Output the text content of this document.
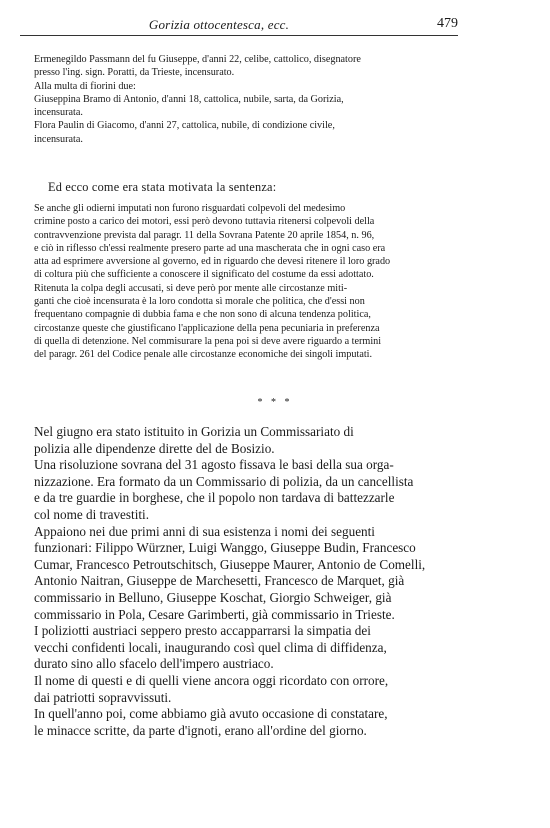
Gorizia ottocentesca, ecc.	479

Ermenegildo Passmann del fu Giuseppe, d'anni 22, celibe, cattolico, disegnatore
presso l'ing. sign. Poratti, da Trieste, incensurato.

Alla multa di fiorini due:

Giuseppina Bramo di Antonio, d'anni 18, cattolica, nubile, sarta, da Gorizia,
incensurata.

Flora Paulin di Giacomo, d'anni 27, cattolica, nubile, di condizione civile,
incensurata.

Ed ecco come era stata motivata la sentenza:

Se anche gli odierni imputati non furono risguardati colpevoli del medesimo
crimine posto a carico dei motori, essi però devono tuttavia ritenersi colpevoli della
contravvenzione prevista dal paragr. 11 della Sovrana Patente 20 aprile 1854, n. 96,
e ciò in riflesso ch'essi realmente presero parte ad una mascherata che in ogni caso era
atta ad esprimere avversione al governo, ed in riguardo che devesi ritenere il loro grado
di coltura più che sufficiente a conoscere il significato del costume da essi adottato.

Ritenuta la colpa degli accusati, si deve però por mente alle circostanze miti-
ganti che cioè incensurata è la loro condotta sì morale che politica, che d'essi non
frequentano compagnie di dubbia fama e che non sono di alcuna tendenza politica,
circostanze queste che giustificano l'applicazione della pena pecuniaria in preferenza
di quella di detenzione. Nel commisurare la pena poi si deve avere riguardo a termini
del paragr. 261 del Codice penale alle circostanze economiche dei singoli imputati.

* * *

Nel giugno era stato istituito in Gorizia un Commissariato di
polizia alle dipendenze dirette del de Bosizio.

Una risoluzione sovrana del 31 agosto fissava le basi della sua orga-
nizzazione. Era formato da un Commissario di polizia, da un cancellista
e da tre guardie in borghese, che il popolo non tardava di battezzarle
col nome di travestiti.

Appaiono nei due primi anni di sua esistenza i nomi dei seguenti
funzionari: Filippo Würzner, Luigi Wanggo, Giuseppe Budin, Francesco
Cumar, Francesco Petroutschitsch, Giuseppe Maurer, Antonio de Comelli,
Antonio Naitran, Giuseppe de Marchesetti, Francesco de Marquet, già
commissario in Belluno, Giuseppe Koschat, Giorgio Schweiger, già
commissario in Pola, Cesare Garimberti, già commissario in Trieste.

I poliziotti austriaci seppero presto accapparrarsi la simpatia dei
vecchi confidenti locali, inaugurando così quel clima di diffidenza,
durato sino allo sfacelo dell'impero austriaco.

Il nome di questi e di quelli viene ancora oggi ricordato con orrore,
dai patriotti sopravvissuti.

In quell'anno poi, come abbiamo già avuto occasione di constatare,
le minacce scritte, da parte d'ignoti, erano all'ordine del giorno.
